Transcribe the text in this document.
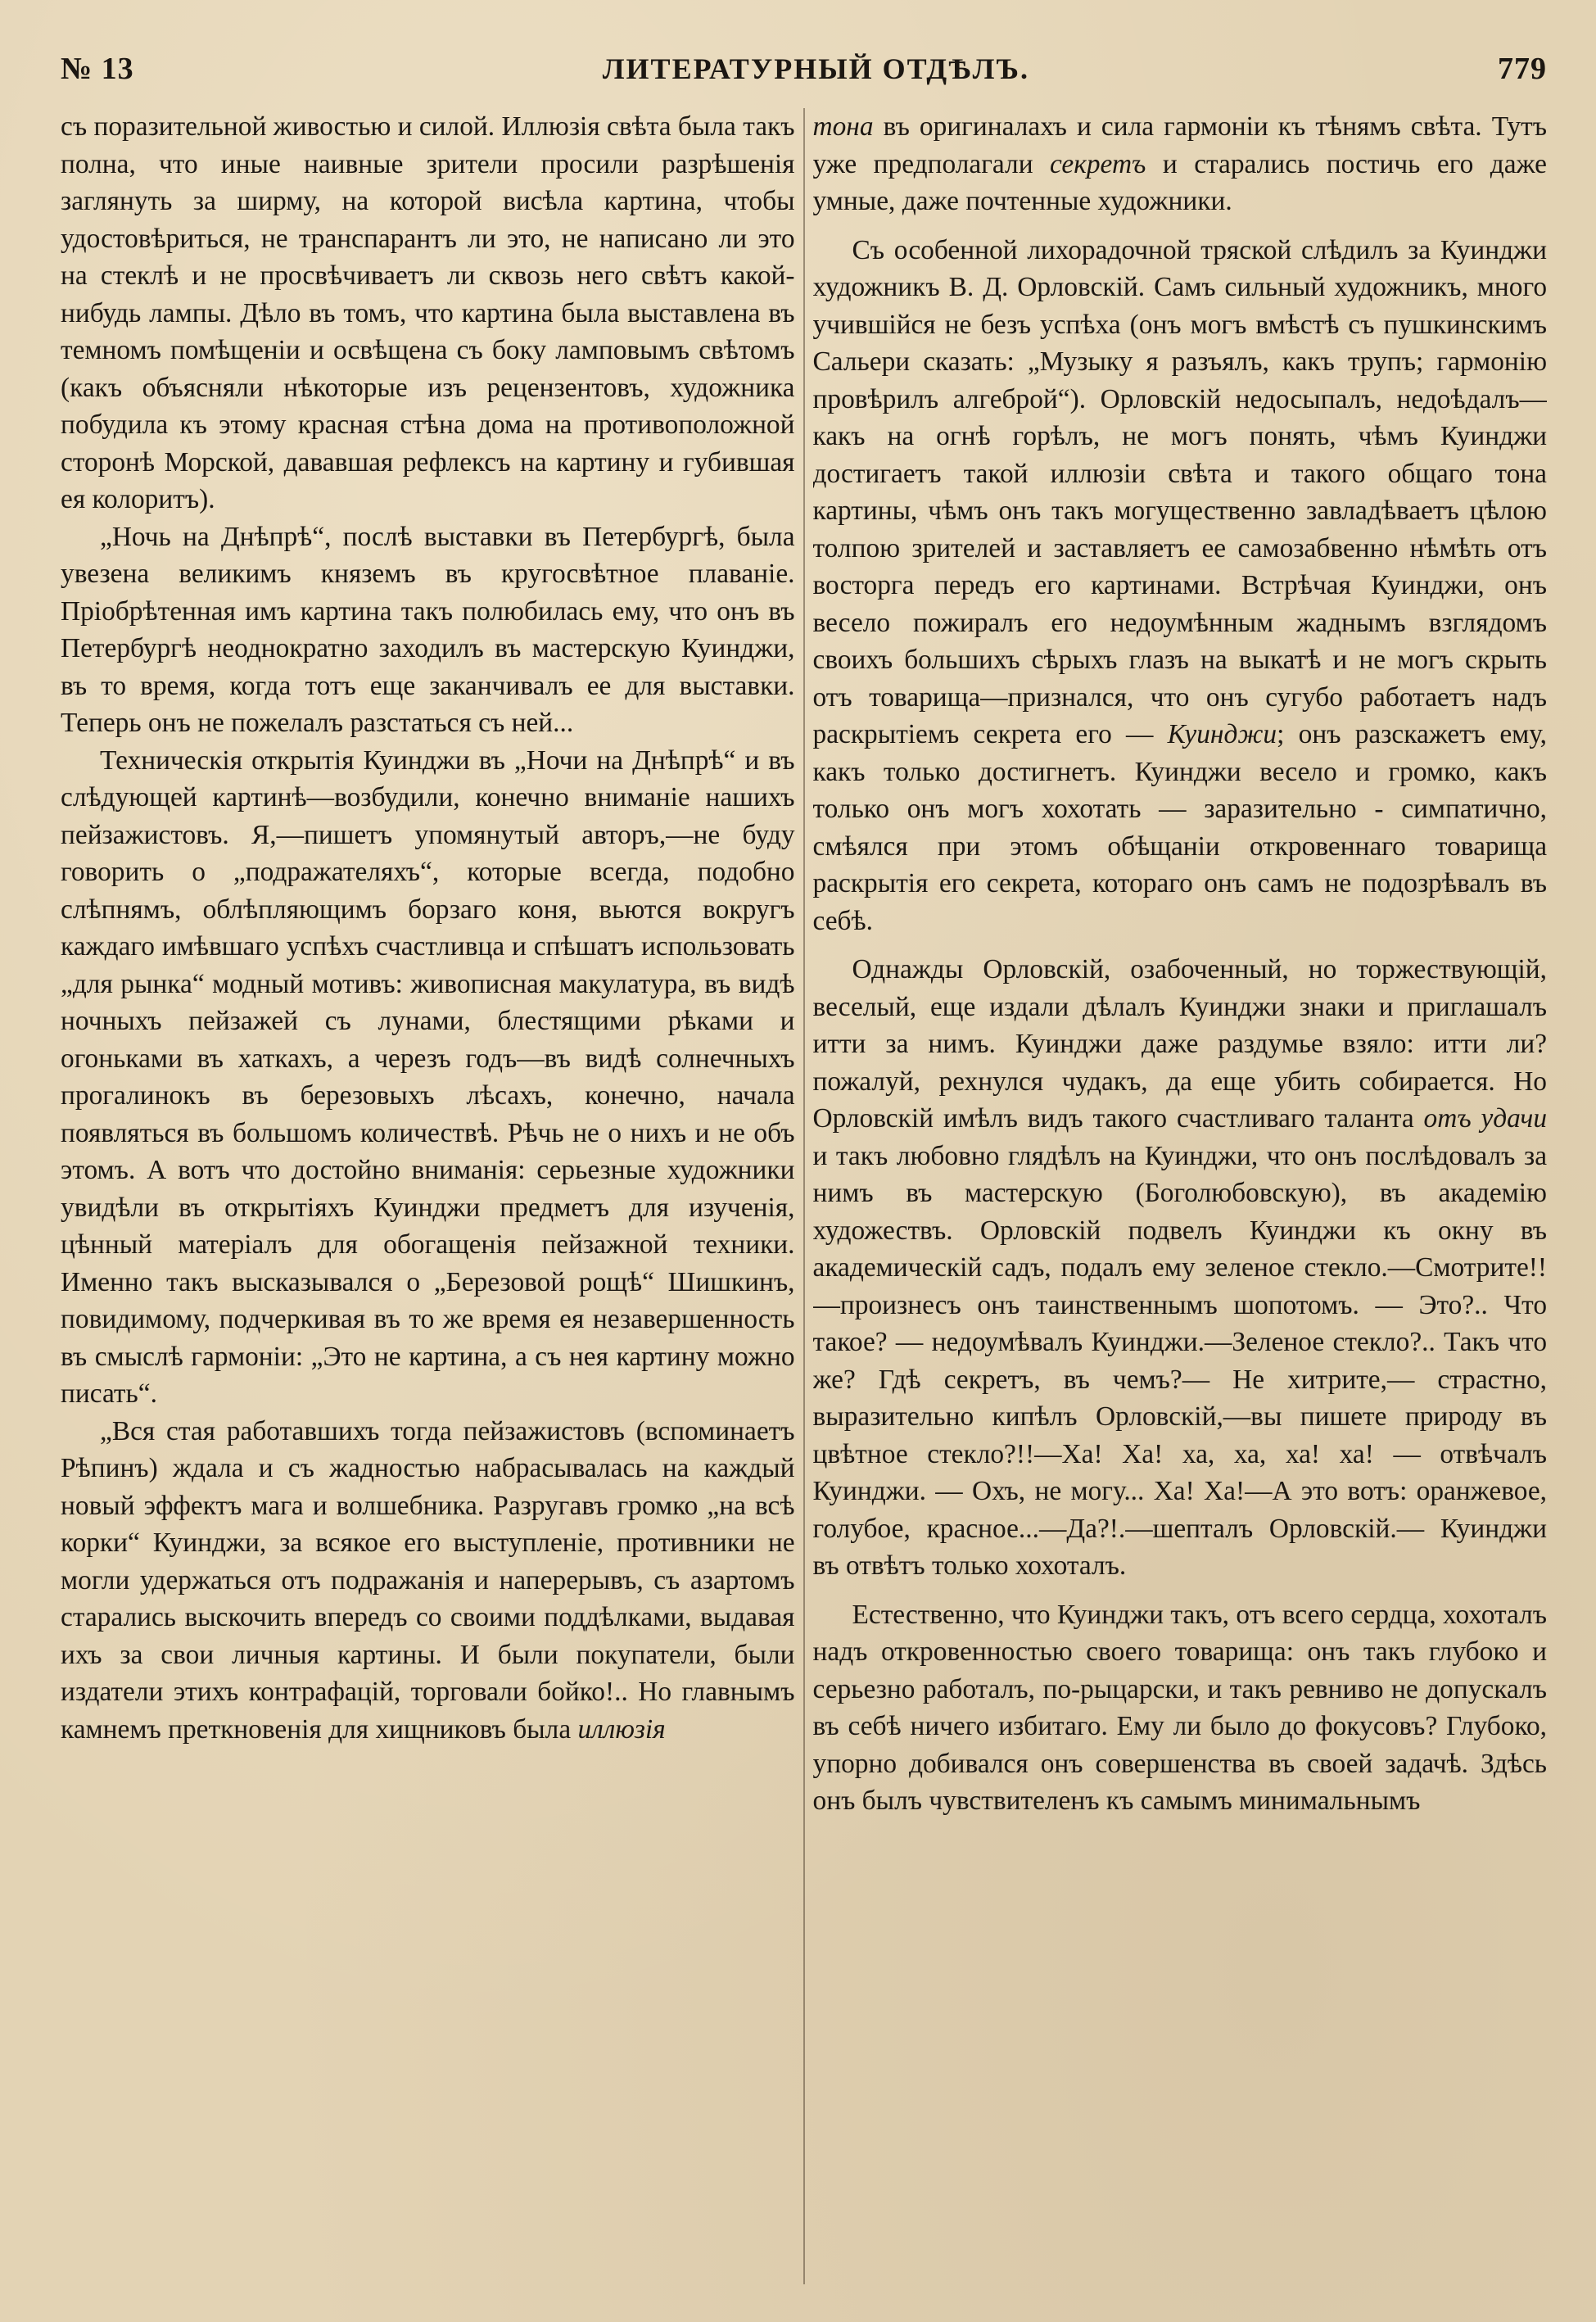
№ 13	ЛИТЕРАТУРНЫЙ ОТДѢЛЪ.	779

съ поразительной живостью и силой. Иллюзія свѣта была такъ полна, что иные наивные зрители просили разрѣшенія заглянуть за ширму, на которой висѣла картина, чтобы удостовѣриться, не транспарантъ ли это, не написано ли это на стеклѣ и не просвѣчиваетъ ли сквозь него свѣтъ какой-нибудь лампы. Дѣло въ томъ, что картина была выставлена въ темномъ помѣщеніи и освѣщена съ боку ламповымъ свѣтомъ (какъ объясняли нѣкоторые изъ рецензентовъ, художника побудила къ этому красная стѣна дома на противоположной сторонѣ Морской, дававшая рефлексъ на картину и губившая ея колоритъ).

„Ночь на Днѣпрѣ“, послѣ выставки въ Петербургѣ, была увезена великимъ княземъ въ кругосвѣтное плаваніе. Пріобрѣтенная имъ картина такъ полюбилась ему, что онъ въ Петербургѣ неоднократно заходилъ въ мастерскую Куинджи, въ то время, когда тотъ еще заканчивалъ ее для выставки. Теперь онъ не пожелалъ разстаться съ ней...

Техническія открытія Куинджи въ „Ночи на Днѣпрѣ“ и въ слѣдующей картинѣ—возбудили, конечно вниманіе нашихъ пейзажистовъ. Я,—пишетъ упомянутый авторъ,—не буду говорить о „подражателяхъ“, которые всегда, подобно слѣпнямъ, облѣпляющимъ борзаго коня, вьются вокругъ каждаго имѣвшаго успѣхъ счастливца и спѣшатъ использовать „для рынка“ модный мотивъ: живописная макулатура, въ видѣ ночныхъ пейзажей съ лунами, блестящими рѣками и огоньками въ хаткахъ, а черезъ годъ—въ видѣ солнечныхъ прогалинокъ въ березовыхъ лѣсахъ, конечно, начала появляться въ большомъ количествѣ. Рѣчь не о нихъ и не объ этомъ. А вотъ что достойно вниманія: серьезные художники увидѣли въ открытіяхъ Куинджи предметъ для изученія, цѣнный матеріалъ для обогащенія пейзажной техники. Именно такъ высказывался о „Березовой рощѣ“ Шишкинъ, повидимому, подчеркивая въ то же время ея незавершенность въ смыслѣ гармоніи: „Это не картина, а съ нея картину можно писать“.

„Вся стая работавшихъ тогда пейзажистовъ (вспоминаетъ Рѣпинъ) ждала и съ жадностью набрасывалась на каждый новый эффектъ мага и волшебника. Разругавъ громко „на всѣ корки“ Куинджи, за всякое его выступленіе, противники не могли удержаться отъ подражанія и наперерывъ, съ азартомъ старались выскочить впередъ со своими поддѣлками, выдавая ихъ за свои личныя картины. И были покупатели, были издатели этихъ контрафацій, торговали бойко!.. Но главнымъ камнемъ преткновенія для хищниковъ была иллюзія

тона въ оригиналахъ и сила гармоніи къ тѣнямъ свѣта. Тутъ уже предполагали секретъ и старались постичь его даже умные, даже почтенные художники.

Съ особенной лихорадочной тряской слѣдилъ за Куинджи художникъ В. Д. Орловскій. Самъ сильный художникъ, много учившійся не безъ успѣха (онъ могъ вмѣстѣ съ пушкинскимъ Сальери сказать: „Музыку я разъялъ, какъ трупъ; гармонію провѣрилъ алгеброй“). Орловскій недосыпалъ, недоѣдалъ—какъ на огнѣ горѣлъ, не могъ понять, чѣмъ Куинджи достигаетъ такой иллюзіи свѣта и такого общаго тона картины, чѣмъ онъ такъ могущественно завладѣваетъ цѣлою толпою зрителей и заставляетъ ее самозабвенно нѣмѣть отъ восторга передъ его картинами. Встрѣчая Куинджи, онъ весело пожиралъ его недоумѣнным жаднымъ взглядомъ своихъ большихъ сѣрыхъ глазъ на выкатѣ и не могъ скрыть отъ товарища—признался, что онъ сугубо работаетъ надъ раскрытіемъ секрета его — Куинджи; онъ разскажетъ ему, какъ только достигнетъ. Куинджи весело и громко, какъ только онъ могъ хохотать — заразительно - симпатично, смѣялся при этомъ обѣщаніи откровеннаго товарища раскрытія его секрета, котораго онъ самъ не подозрѣвалъ въ себѣ.

Однажды Орловскій, озабоченный, но торжествующій, веселый, еще издали дѣлалъ Куинджи знаки и приглашалъ итти за нимъ. Куинджи даже раздумье взяло: итти ли? пожалуй, рехнулся чудакъ, да еще убить собирается. Но Орловскій имѣлъ видъ такого счастливаго таланта отъ удачи и такъ любовно глядѣлъ на Куинджи, что онъ послѣдовалъ за нимъ въ мастерскую (Боголюбовскую), въ академію художествъ. Орловскій подвелъ Куинджи къ окну въ академическій садъ, подалъ ему зеленое стекло.—Смотрите!!—произнесъ онъ таинственнымъ шопотомъ. — Это?.. Что такое? — недоумѣвалъ Куинджи.—Зеленое стекло?.. Такъ что же? Гдѣ секретъ, въ чемъ?— Не хитрите,— страстно, выразительно кипѣлъ Орловскій,—вы пишете природу въ цвѣтное стекло?!!—Ха! Ха! ха, ха, ха! ха! — отвѣчалъ Куинджи. — Охъ, не могу... Ха! Ха!—А это вотъ: оранжевое, голубое, красное...—Да?!.—шепталъ Орловскій.— Куинджи въ отвѣтъ только хохоталъ.

Естественно, что Куинджи такъ, отъ всего сердца, хохоталъ надъ откровенностью своего товарища: онъ такъ глубоко и серьезно работалъ, по-рыцарски, и такъ ревниво не допускалъ въ себѣ ничего избитаго. Ему ли было до фокусовъ? Глубоко, упорно добивался онъ совершенства въ своей задачѣ. Здѣсь онъ былъ чувствителенъ къ самымъ минимальнымъ
